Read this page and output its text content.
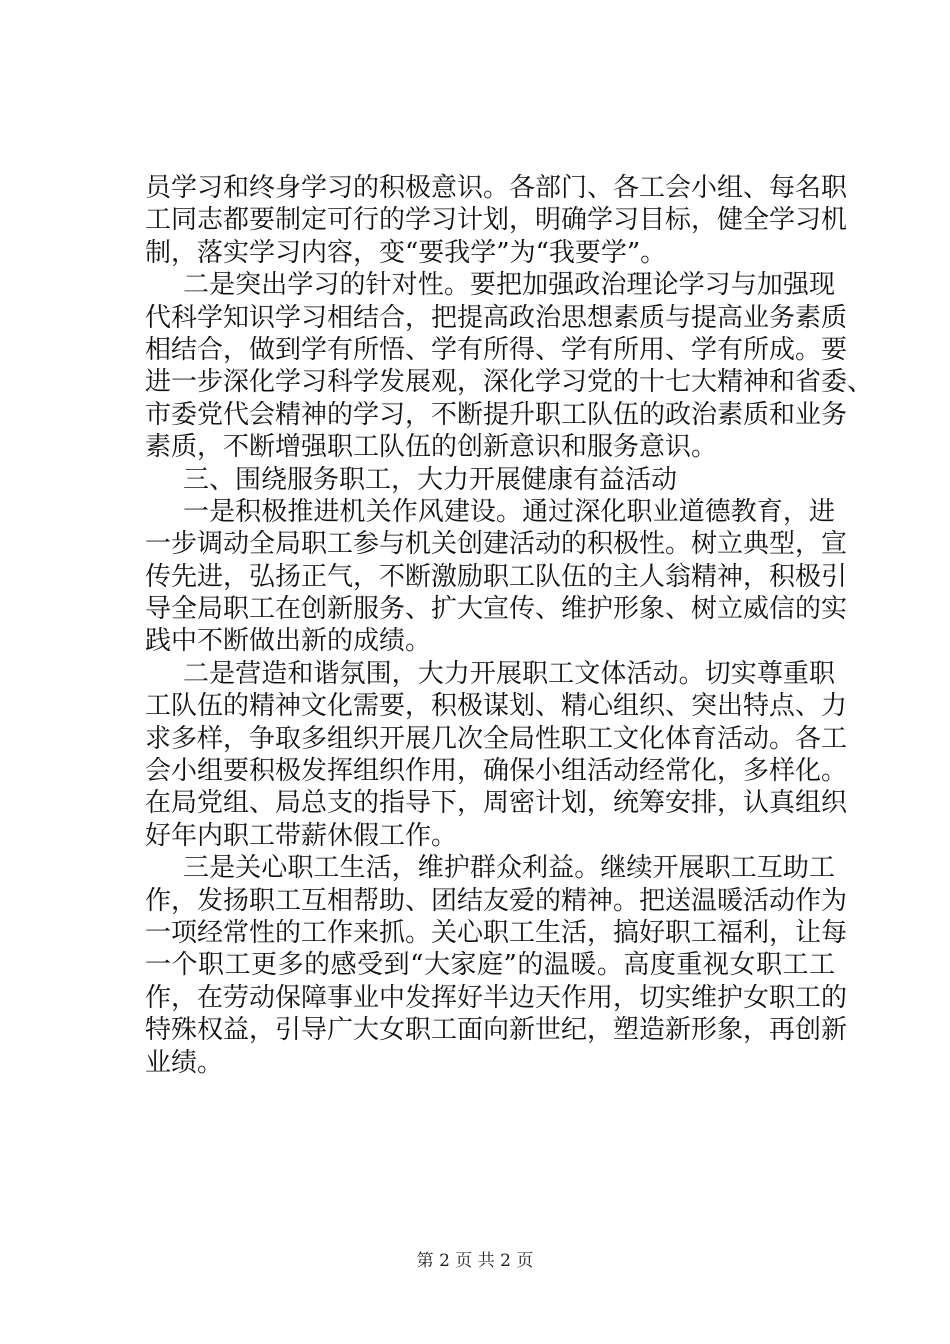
员学习和终身学习的积极意识。各部门、各工会小组、每名职
工同志都要制定可行的学习计划，明确学习目标，健全学习机
制，落实学习内容，变“要我学”为“我要学”。
二是突出学习的针对性。要把加强政治理论学习与加强现
代科学知识学习相结合，把提高政治思想素质与提高业务素质
相结合，做到学有所悟、学有所得、学有所用、学有所成。要
进一步深化学习科学发展观，深化学习党的十七大精神和省委、
市委党代会精神的学习，不断提升职工队伍的政治素质和业务
素质，不断增强职工队伍的创新意识和服务意识。
三、围绕服务职工，大力开展健康有益活动
一是积极推进机关作风建设。通过深化职业道德教育，进
一步调动全局职工参与机关创建活动的积极性。树立典型，宣
传先进，弘扬正气，不断激励职工队伍的主人翁精神，积极引
导全局职工在创新服务、扩大宣传、维护形象、树立威信的实
践中不断做出新的成绩。
二是营造和谐氛围，大力开展职工文体活动。切实尊重职
工队伍的精神文化需要，积极谋划、精心组织、突出特点、力
求多样，争取多组织开展几次全局性职工文化体育活动。各工
会小组要积极发挥组织作用，确保小组活动经常化，多样化。
在局党组、局总支的指导下，周密计划，统筹安排，认真组织
好年内职工带薪休假工作。
三是关心职工生活，维护群众利益。继续开展职工互助工
作，发扬职工互相帮助、团结友爱的精神。把送温暖活动作为
一项经常性的工作来抓。关心职工生活，搞好职工福利，让每
一个职工更多的感受到“大家庭”的温暖。高度重视女职工工
作，在劳动保障事业中发挥好半边天作用，切实维护女职工的
特殊权益，引导广大女职工面向新世纪，塑造新形象，再创新
业绩。
第 2 页 共 2 页
